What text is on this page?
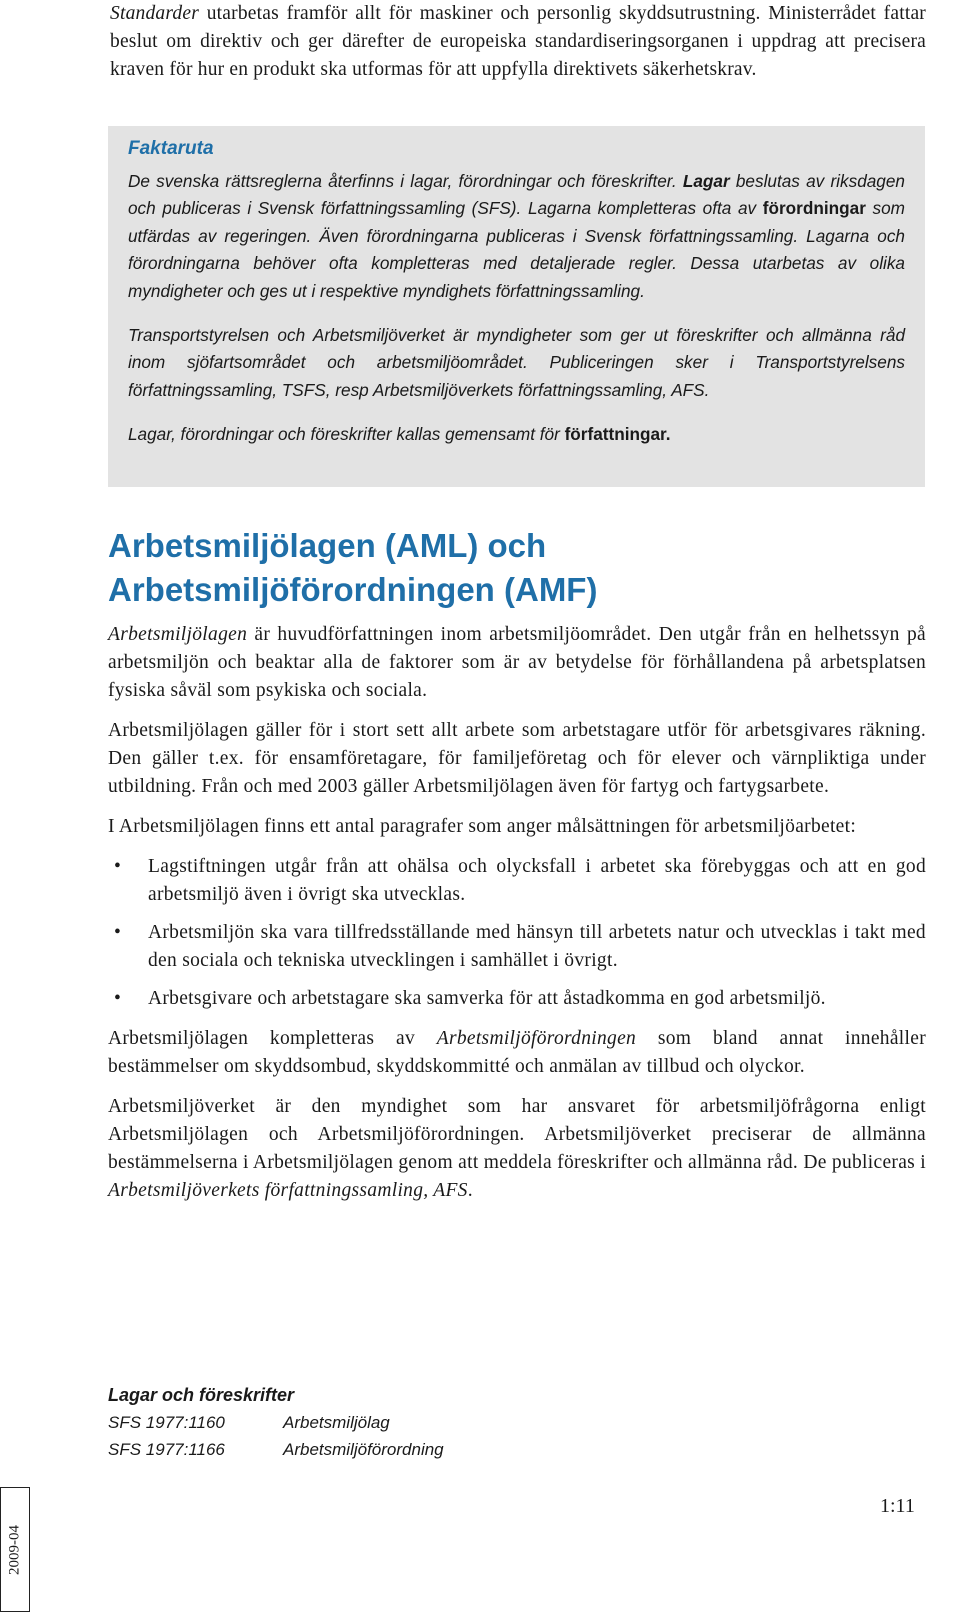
Standarder utarbetas framför allt för maskiner och personlig skyddsutrustning. Ministerrådet fattar beslut om direktiv och ger därefter de europeiska standardiseringsorganen i uppdrag att precisera kraven för hur en produkt ska utformas för att uppfylla direktivets säkerhetskrav.

Faktaruta

De svenska rättsreglerna återfinns i lagar, förordningar och föreskrifter. Lagar beslutas av riksdagen och publiceras i Svensk författningssamling (SFS). Lagarna kompletteras ofta av förordningar som utfärdas av regeringen. Även förordningarna publiceras i Svensk författningssamling. Lagarna och förordningarna behöver ofta kompletteras med detaljerade regler. Dessa utarbetas av olika myndigheter och ges ut i respektive myndighets författningssamling.

Transportstyrelsen och Arbetsmiljöverket är myndigheter som ger ut föreskrifter och allmänna råd inom sjöfartsområdet och arbetsmiljöområdet. Publiceringen sker i Transportstyrelsens författningssamling, TSFS, resp Arbetsmiljöverkets författningssamling, AFS.

Lagar, förordningar och föreskrifter kallas gemensamt för författningar.

Arbetsmiljölagen (AML) och
Arbetsmiljöförordningen (AMF)

Arbetsmiljölagen är huvudförfattningen inom arbetsmiljöområdet. Den utgår från en helhetssyn på arbetsmiljön och beaktar alla de faktorer som är av betydelse för förhållandena på arbetsplatsen fysiska såväl som psykiska och sociala.

Arbetsmiljölagen gäller för i stort sett allt arbete som arbetstagare utför för arbetsgivares räkning. Den gäller t.ex. för ensamföretagare, för familjeföretag och för elever och värnpliktiga under utbildning. Från och med 2003 gäller Arbetsmiljölagen även för fartyg och fartygsarbete.

I Arbetsmiljölagen finns ett antal paragrafer som anger målsättningen för arbetsmiljöarbetet:

• Lagstiftningen utgår från att ohälsa och olycksfall i arbetet ska förebyggas och att en god arbetsmiljö även i övrigt ska utvecklas.
• Arbetsmiljön ska vara tillfredsställande med hänsyn till arbetets natur och utvecklas i takt med den sociala och tekniska utvecklingen i samhället i övrigt.
• Arbetsgivare och arbetstagare ska samverka för att åstadkomma en god arbetsmiljö.

Arbetsmiljölagen kompletteras av Arbetsmiljöförordningen som bland annat innehåller bestämmelser om skyddsombud, skyddskommitté och anmälan av tillbud och olyckor.

Arbetsmiljöverket är den myndighet som har ansvaret för arbetsmiljöfrågorna enligt Arbetsmiljölagen och Arbetsmiljöförordningen. Arbetsmiljöverket preciserar de allmänna bestämmelserna i Arbetsmiljölagen genom att meddela föreskrifter och allmänna råd. De publiceras i Arbetsmiljöverkets författningssamling, AFS.

Lagar och föreskrifter
SFS 1977:1160	Arbetsmiljölag
SFS 1977:1166	Arbetsmiljöförordning
2009-04
1:11
